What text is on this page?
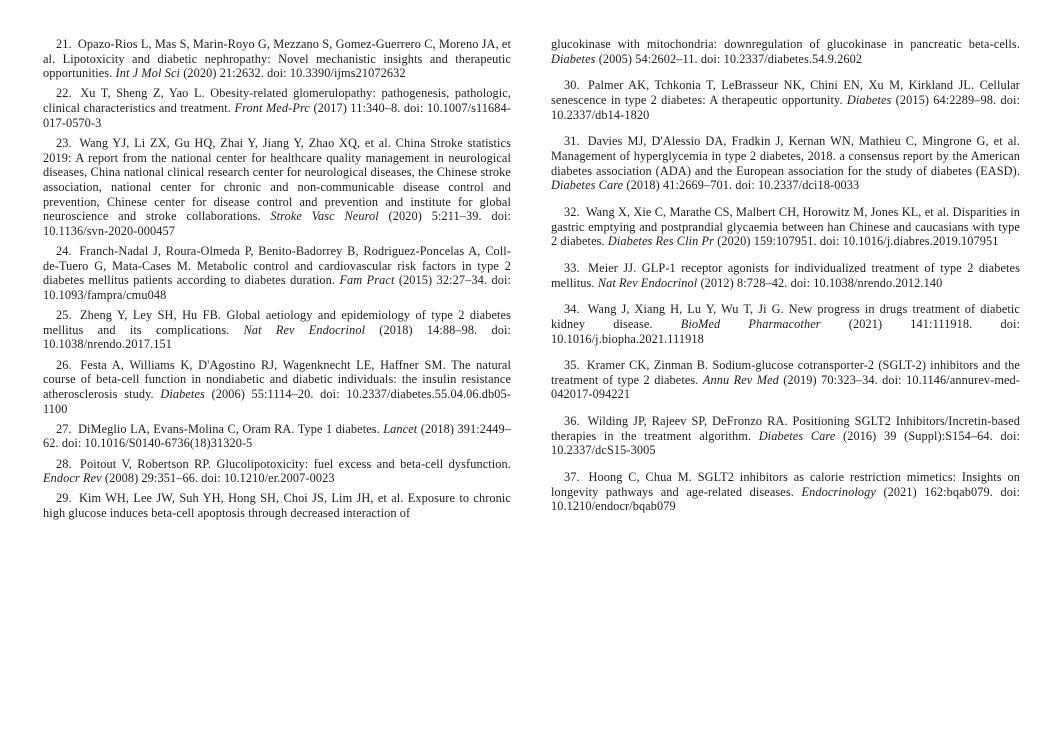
21. Opazo-Rios L, Mas S, Marin-Royo G, Mezzano S, Gomez-Guerrero C, Moreno JA, et al. Lipotoxicity and diabetic nephropathy: Novel mechanistic insights and therapeutic opportunities. Int J Mol Sci (2020) 21:2632. doi: 10.3390/ijms21072632

22. Xu T, Sheng Z, Yao L. Obesity-related glomerulopathy: pathogenesis, pathologic, clinical characteristics and treatment. Front Med-Prc (2017) 11:340–8. doi: 10.1007/s11684-017-0570-3

23. Wang YJ, Li ZX, Gu HQ, Zhai Y, Jiang Y, Zhao XQ, et al. China Stroke statistics 2019: A report from the national center for healthcare quality management in neurological diseases, China national clinical research center for neurological diseases, the Chinese stroke association, national center for chronic and non-communicable disease control and prevention, Chinese center for disease control and prevention and institute for global neuroscience and stroke collaborations. Stroke Vasc Neurol (2020) 5:211–39. doi: 10.1136/svn-2020-000457

24. Franch-Nadal J, Roura-Olmeda P, Benito-Badorrey B, Rodriguez-Poncelas A, Coll-de-Tuero G, Mata-Cases M. Metabolic control and cardiovascular risk factors in type 2 diabetes mellitus patients according to diabetes duration. Fam Pract (2015) 32:27–34. doi: 10.1093/fampra/cmu048

25. Zheng Y, Ley SH, Hu FB. Global aetiology and epidemiology of type 2 diabetes mellitus and its complications. Nat Rev Endocrinol (2018) 14:88–98. doi: 10.1038/nrendo.2017.151

26. Festa A, Williams K, D'Agostino RJ, Wagenknecht LE, Haffner SM. The natural course of beta-cell function in nondiabetic and diabetic individuals: the insulin resistance atherosclerosis study. Diabetes (2006) 55:1114–20. doi: 10.2337/diabetes.55.04.06.db05-1100

27. DiMeglio LA, Evans-Molina C, Oram RA. Type 1 diabetes. Lancet (2018) 391:2449–62. doi: 10.1016/S0140-6736(18)31320-5

28. Poitout V, Robertson RP. Glucolipotoxicity: fuel excess and beta-cell dysfunction. Endocr Rev (2008) 29:351–66. doi: 10.1210/er.2007-0023

29. Kim WH, Lee JW, Suh YH, Hong SH, Choi JS, Lim JH, et al. Exposure to chronic high glucose induces beta-cell apoptosis through decreased interaction of

glucokinase with mitochondria: downregulation of glucokinase in pancreatic beta-cells. Diabetes (2005) 54:2602–11. doi: 10.2337/diabetes.54.9.2602

30. Palmer AK, Tchkonia T, LeBrasseur NK, Chini EN, Xu M, Kirkland JL. Cellular senescence in type 2 diabetes: A therapeutic opportunity. Diabetes (2015) 64:2289–98. doi: 10.2337/db14-1820

31. Davies MJ, D'Alessio DA, Fradkin J, Kernan WN, Mathieu C, Mingrone G, et al. Management of hyperglycemia in type 2 diabetes, 2018. a consensus report by the American diabetes association (ADA) and the European association for the study of diabetes (EASD). Diabetes Care (2018) 41:2669–701. doi: 10.2337/dci18-0033

32. Wang X, Xie C, Marathe CS, Malbert CH, Horowitz M, Jones KL, et al. Disparities in gastric emptying and postprandial glycaemia between han Chinese and caucasians with type 2 diabetes. Diabetes Res Clin Pr (2020) 159:107951. doi: 10.1016/j.diabres.2019.107951

33. Meier JJ. GLP-1 receptor agonists for individualized treatment of type 2 diabetes mellitus. Nat Rev Endocrinol (2012) 8:728–42. doi: 10.1038/nrendo.2012.140

34. Wang J, Xiang H, Lu Y, Wu T, Ji G. New progress in drugs treatment of diabetic kidney disease. BioMed Pharmacother (2021) 141:111918. doi: 10.1016/j.biopha.2021.111918

35. Kramer CK, Zinman B. Sodium-glucose cotransporter-2 (SGLT-2) inhibitors and the treatment of type 2 diabetes. Annu Rev Med (2019) 70:323–34. doi: 10.1146/annurev-med-042017-094221

36. Wilding JP, Rajeev SP, DeFronzo RA. Positioning SGLT2 Inhibitors/Incretin-based therapies in the treatment algorithm. Diabetes Care (2016) 39 (Suppl):S154–64. doi: 10.2337/dcS15-3005

37. Hoong C, Chua M. SGLT2 inhibitors as calorie restriction mimetics: Insights on longevity pathways and age-related diseases. Endocrinology (2021) 162:bqab079. doi: 10.1210/endocr/bqab079
